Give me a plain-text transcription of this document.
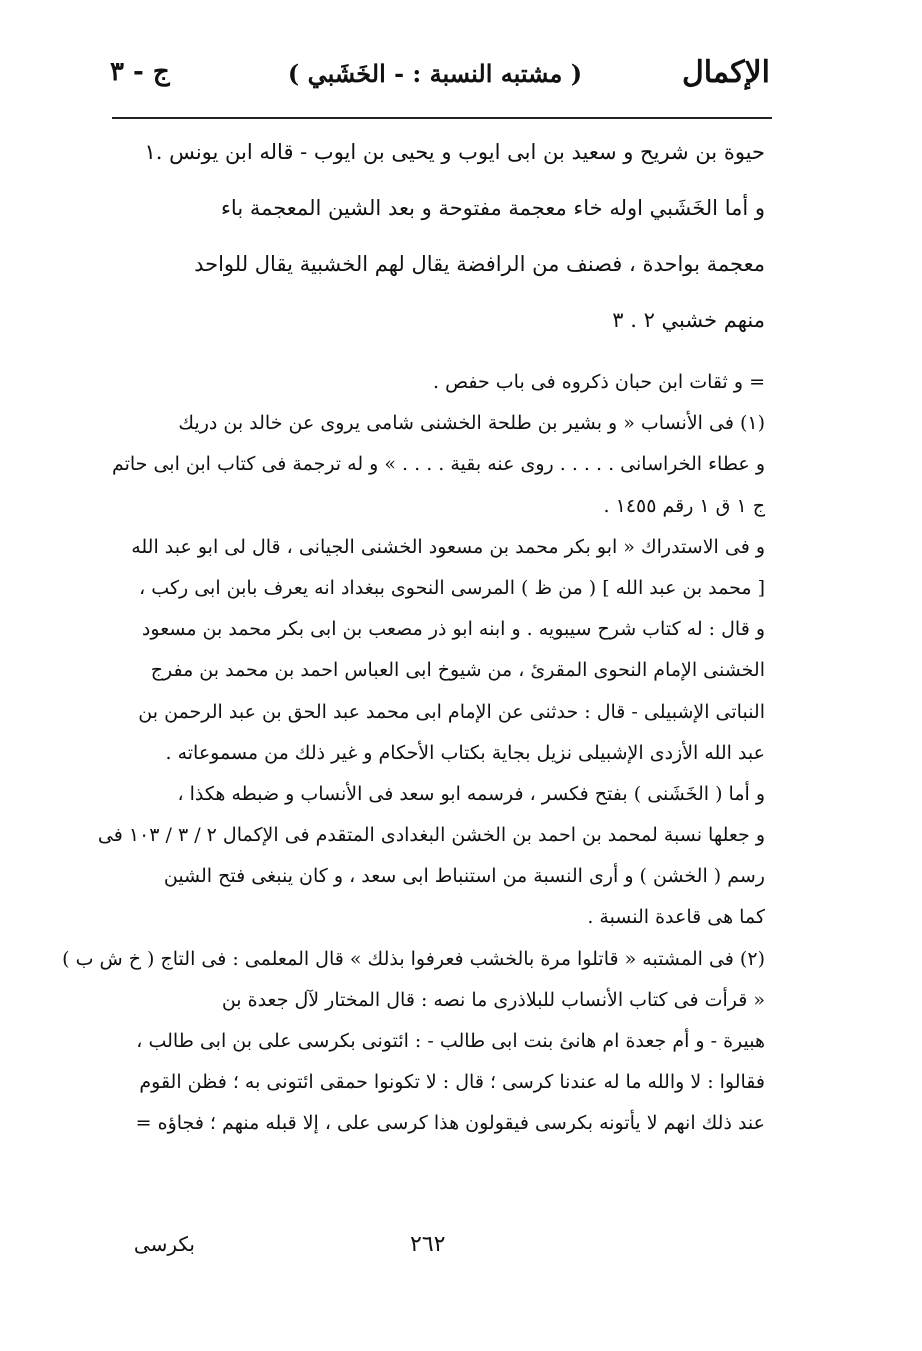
الإكمال
( مشتبه النسبة : - الخَشَبي )
ج - ٣
حيوة بن شريح و سعيد بن ابى ايوب و يحيى بن ايوب - قاله ابن يونس .١
و أما الخَشَبي اوله خاء معجمة مفتوحة و بعد الشين المعجمة باء
معجمة بواحدة ، فصنف من الرافضة يقال لهم الخشبية يقال للواحد
منهم خشبي ٢ . ٣
= و ثقات ابن حبان ذكروه فى باب حفص .
(١) فى الأنساب « و بشير بن طلحة الخشنى شامى يروى عن خالد بن دريك
و عطاء الخراسانى . . . . . روى عنه بقية . . . . » و له ترجمة فى كتاب ابن ابى حاتم
ج ١ ق ١ رقم ١٤٥٥ .
و فى الاستدراك « ابو بكر محمد بن مسعود الخشنى الجيانى ، قال لى ابو عبد الله
[ محمد بن عبد الله ] ( من ظ ) المرسى النحوى ببغداد انه يعرف بابن ابى ركب ،
و قال : له كتاب شرح سيبويه . و ابنه ابو ذر مصعب بن ابى بكر محمد بن مسعود
الخشنى الإمام النحوى المقرئ ، من شيوخ ابى العباس احمد بن محمد بن مفرج
النباتى الإشبيلى - قال : حدثنى عن الإمام ابى محمد عبد الحق بن عبد الرحمن بن
عبد الله الأزدى الإشبيلى نزيل بجاية بكتاب الأحكام و غير ذلك من مسموعاته .
و أما ( الخَشَنى ) بفتح فكسر ، فرسمه ابو سعد فى الأنساب و ضبطه هكذا ،
و جعلها نسبة لمحمد بن احمد بن الخشن البغدادى المتقدم فى الإكمال ٢ / ٣ / ١٠٣ فى
رسم ( الخشن ) و أرى النسبة من استنباط ابى سعد ، و كان ينبغى فتح الشين
كما هى قاعدة النسبة .
(٢) فى المشتبه « قاتلوا مرة بالخشب فعرفوا بذلك » قال المعلمى : فى التاج ( خ ش ب )
« قرأت فى كتاب الأنساب للبلاذرى ما نصه : قال المختار لآل جعدة بن
هبيرة - و أم جعدة ام هانئ بنت ابى طالب - : ائتونى بكرسى على بن ابى طالب ،
فقالوا : لا والله ما له عندنا كرسى ؛ قال : لا تكونوا حمقى ائتونى به ؛ فظن القوم
عند ذلك انهم لا يأتونه بكرسى فيقولون هذا كرسى على ، إلا قبله منهم ؛ فجاؤه =
بكرسى	٢٦٢
